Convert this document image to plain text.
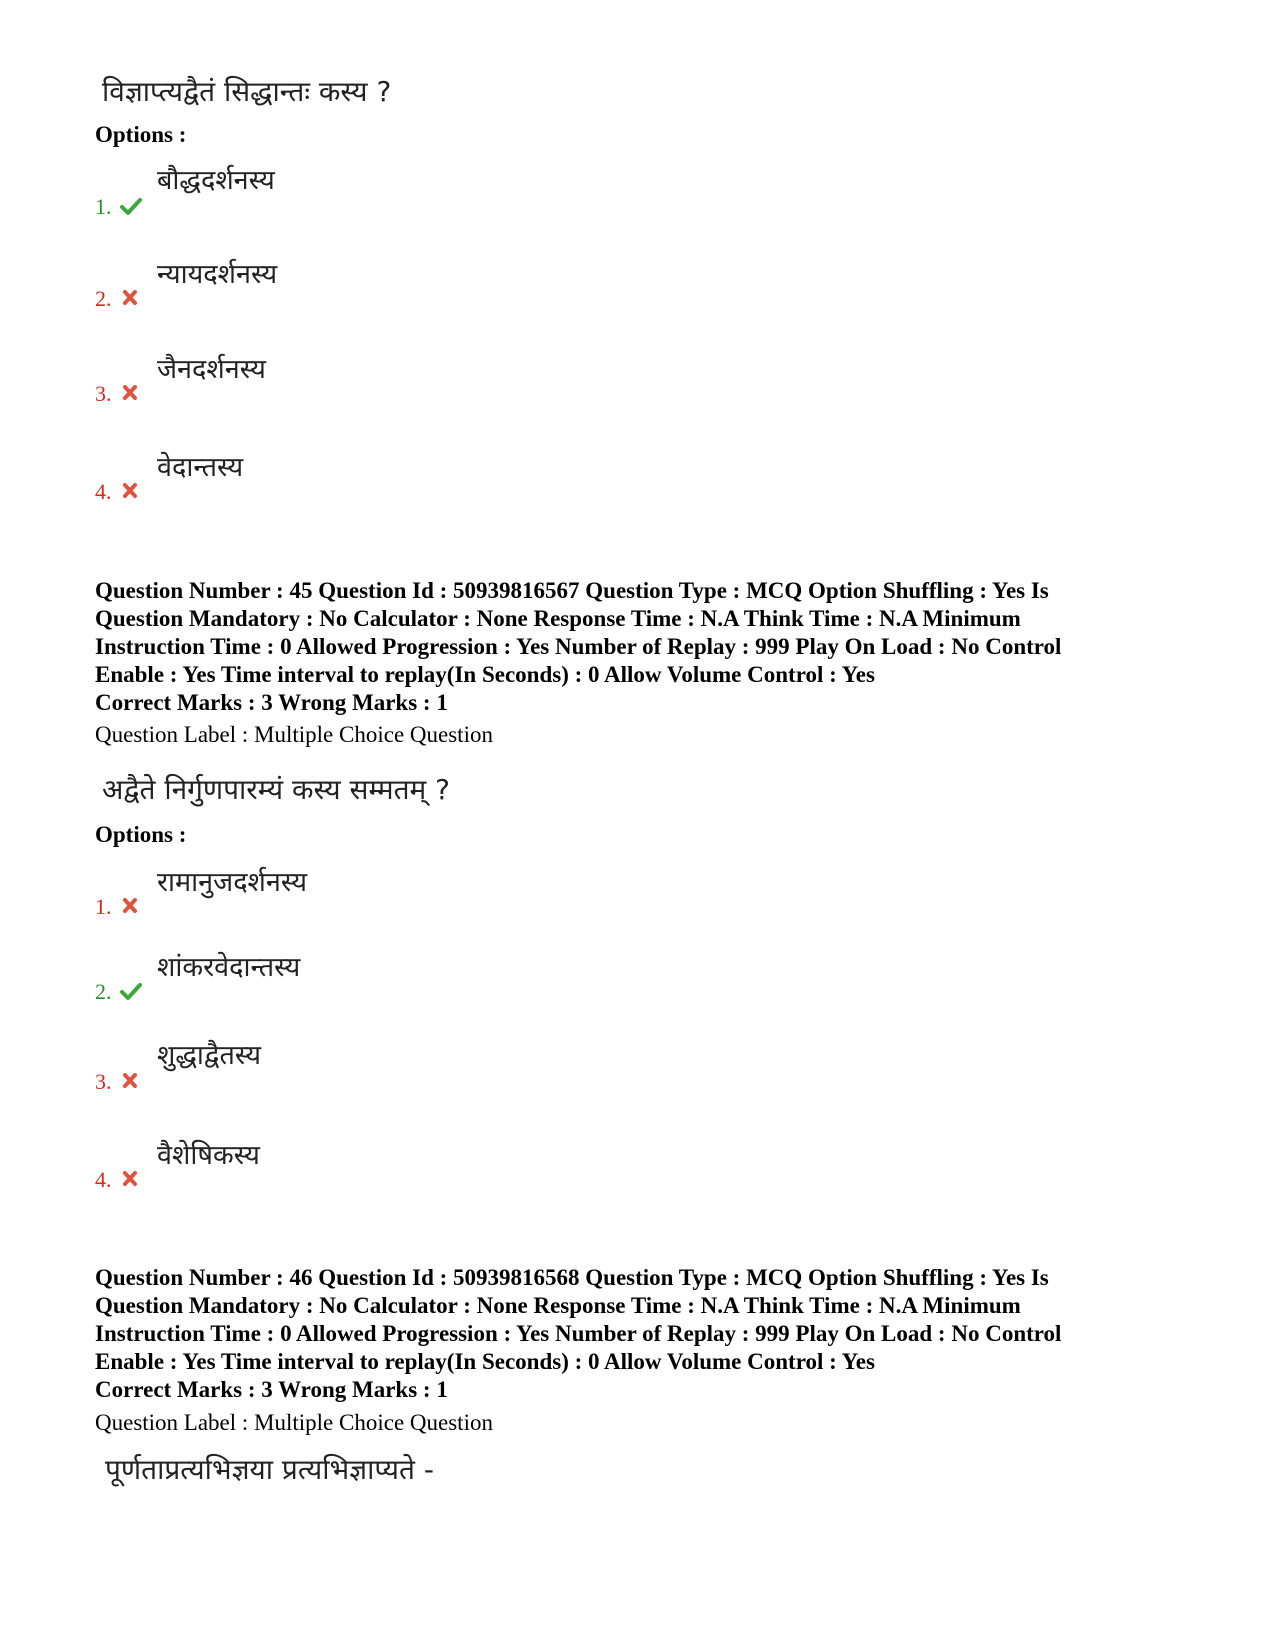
विज्ञाप्त्यद्वैतं सिद्धान्तः कस्य ?
Options :
1.
बौद्धदर्शनस्य
2.
न्यायदर्शनस्य
3.
जैनदर्शनस्य
4.
वेदान्तस्य
Question Number : 45 Question Id : 50939816567 Question Type : MCQ Option Shuffling : Yes Is
Question Mandatory : No Calculator : None Response Time : N.A Think Time : N.A Minimum
Instruction Time : 0 Allowed Progression : Yes Number of Replay : 999 Play On Load : No Control
Enable : Yes Time interval to replay(In Seconds) : 0 Allow Volume Control : Yes
Correct Marks : 3 Wrong Marks : 1
Question Label : Multiple Choice Question
अद्वैते निर्गुणपारम्यं कस्य सम्मतम् ?
Options :
1.
रामानुजदर्शनस्य
2.
शांकरवेदान्तस्य
3.
शुद्धाद्वैतस्य
4.
वैशेषिकस्य
Question Number : 46 Question Id : 50939816568 Question Type : MCQ Option Shuffling : Yes Is
Question Mandatory : No Calculator : None Response Time : N.A Think Time : N.A Minimum
Instruction Time : 0 Allowed Progression : Yes Number of Replay : 999 Play On Load : No Control
Enable : Yes Time interval to replay(In Seconds) : 0 Allow Volume Control : Yes
Correct Marks : 3 Wrong Marks : 1
Question Label : Multiple Choice Question
पूर्णताप्रत्यभिज्ञया प्रत्यभिज्ञाप्यते -
